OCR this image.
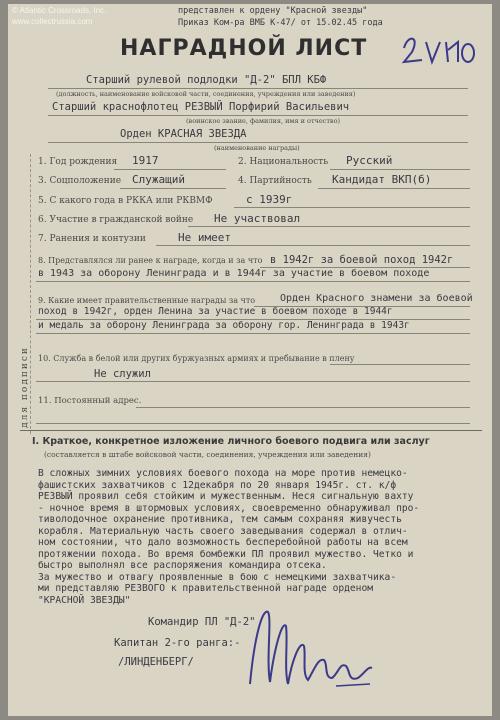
© Atlantic Crossroads, Inc.
www.collectrussia.com
представлен к ордену "Красной звезды"
Приказ Ком-ра ВМБ К-47/ от 15.02.45 года
НАГРАДНОЙ ЛИСТ
2110
Старший рулевой подлодки "Д-2" БПЛ КБФ
(должность, наименование войсковой части, соединения, учреждения или заведения)
Старший краснофлотец РЕЗВЫЙ Порфирий Васильевич
(воинское звание, фамилия, имя и отчество)
Орден КРАСНАЯ ЗВЕЗДА
(наименование награды)
1. Год рождения 1917	2. Национальность Русский
3. Соцположение Служащий	4. Партийность Кандидат ВКП(б)
5. С какого года в РККА или РКВМФ	с 1939г
6. Участие в гражданской войне Не участвовал
7. Ранения и контузии	Не имеет
8. Представлялся ли ранее к награде, когда и за что в 1942г за боевой поход 1942г
в 1943 за оборону Ленинграда и в 1944г за участие в боевом походе
9. Какие имеет правительственные награды за что Орден Красного знамени за боевой
поход в 1942г, орден Ленина за участие в боевом походе в 1944г
и медаль за оборону Ленинграда за оборону гор. Ленинграда в 1943г
10. Служба в белой или других буржуазных армиях и пребывание в плену
Не служил
11. Постоянный адрес.
для подписи
I. Краткое, конкретное изложение личного боевого подвига или заслуг
(составляется в штабе войсковой части, соединения, учреждения или заведения)
В сложных зимних условиях боевого похода на море против немецко-
фашистских захватчиков с 12декабря по 20 января 1945г. ст. к/ф
РЕЗВЫЙ проявил себя стойким и мужественным. Неся сигнальную вахту
- ночное время в штормовых условиях, своевременно обнаруживал про-
тиволодочное охранение противника, тем самым сохраняя живучесть
корабля. Материальную часть своего заведывания содержал в отлич-
ном состоянии, что дало возможность бесперебойной работы на всем
протяжении похода. Во время бомбежки ПЛ проявил мужество. Четко и
быстро выполнял все распоряжения командира отсека.
За мужество и отвагу проявленные в бою с немецкими захватчика-
ми представляю РЕЗВОГО к правительственной награде орденом
"КРАСНОЙ ЗВЕЗДЫ"
Командир ПЛ "Д-2"
Капитан 2-го ранга:-
/ЛИНДЕНБЕРГ/
